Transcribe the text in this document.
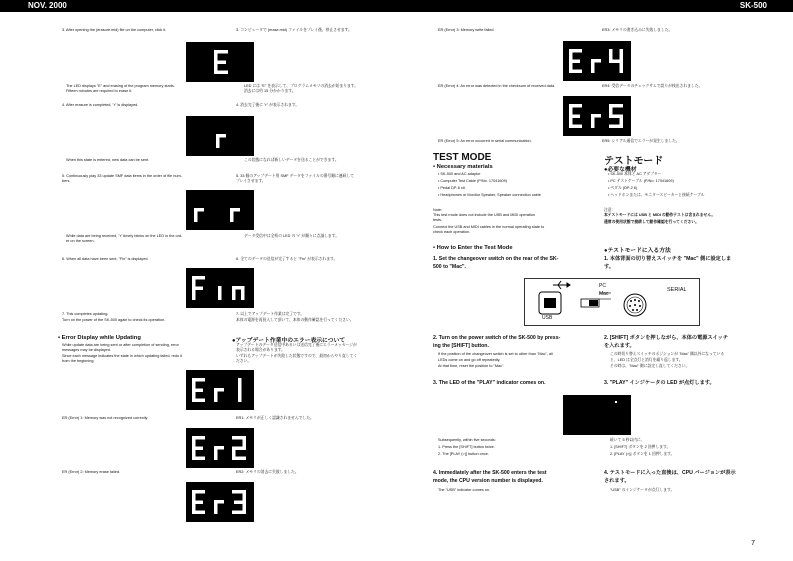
NOV. 2000	SK-500
3. After opening the (erasure.mid) file on the computer, click it.	3. コンピュータで (erase.mid) ファイルをプレイ後、停止させます。
The LED displays "E" and erasing of the program memory starts.
Fifteen minutes are required to erase it.
LED には "E" を表示して、プログラムメモリの消去が始まります。
消去には約 15 分かかります。
4. After erasure is completed, "r" is displayed.	4. 消去完了後に "r" が表示されます。
When this state is entered, new data can be sent.	この状態になれば新しいデータを送ることができます。
5. Continuously play 33 update SMF data items in the order of file num-
bers.
5. 33 個のアップデート用 SMF データをファイルの番号順に連続して
プレイさせます。
While data are being received, "r" timely blinks on the LED in the ord-
er on the screen.
データ受信中は全桁の LED の "r" が順々に点滅します。
6. When all data have been sent, "Fin" is displayed.	6. 全てのデータの送信が完了すると "Fin" が表示されます。
7. This completes updating.
Turn on the power of the SK-500 again to check its operation.
7. 以上でアップデート作業は完了です。
本体の電源を再投入して頂いて、本体の動作確認を行ってください。
• Error Display while Updating
While update data are being sent or after completion of sending, error
messages may be displayed.
Since each message indicates the state in which updating failed, redo it
from the beginning.
●アップデート作業中のエラー表示について
アップデートのデータ送信中あるいは送信完了後にエラーメッセージが
表示される場合があります。
いずれもアップデートが失敗した状態ですので、最初からやり直してく
ださい。
ER (Error) 1: Memory was not recognized correctly.	ER1: メモリが正しく認識されませんでした。
ER (Error) 2: Memory erase failed.	ER2: メモリの消去に失敗しました。
ER (Error) 3: Memory write failed.	ER3: メモリの書き込みに失敗しました。
ER (Error) 4: An error was detected in the checksum of received data.	ER4: 受信データのチェックサムで誤りが検出されました。
ER (Error) 5: An error occurred in serial communication.	ER5: シリアル通信でエラーが発生しました。
TEST MODE	テストモード
• Necessary materials	●必要な機材
• SK-500 and AC adaptor
• Computer Test Cable (P/No. 17041609)
• Pedal DP-6 ctl.
• Headphones or Monitor Speaker, Speaker connection cable
• SK-500 本体と AC アダプター
• PC テストケーブル (P/No. 17041609)
• ペダル (DP-2 6)
• ヘッドホンまたは、モニタースピーカーと接続ケーブル
Note:
This test mode does not include the USB and MIDI operation
tests.
Connect the USB and MIDI cables in the normal operating state to
check each operation.
注意：
本テストモードには USB と MIDI の動作テストは含まれません。
通常の使用状態で接続して動作確認を行ってください。
• How to Enter the Test Mode	●テストモードに入る方法
1. Set the changeover switch on the rear of the SK-
500 to "Mac".
1. 本体背面の切り替えスイッチを "Mac" 側に設定しま
す。
PC
Mac
USB
SERIAL
2. Turn on the power switch of the SK-500 by press-
ing the [SHIFT] button.
If the position of the changeover switch is set to other than "Mac", all
LEDs come on and go off repeatedly.
At that time, reset the position to "Mac".
2. [SHIFT] ボタンを押しながら、本体の電源スイッチ
を入れます。
この時切り替えスイッチのポジションが "Mac" 側以外になっている
と、LED は全点灯と消灯を繰り返します。
その時は、"Mac" 側に設定し直してください。
3. The LED of the "PLAY" indicator comes on.	3. "PLAY" インジケータの LED が点灯します。
Subsequently, within five seconds:
1. Press the [SHIFT] button twice.
2. The [PLAY (>)] button once.
続いて 5 秒以内に、
1. [SHIFT] ボタンを 2 回押します。
2. [PLAY (>)] ボタンを 1 回押します。
4. Immediately after the SK-500 enters the test
mode, the CPU version number is displayed.
The "USB" indicator comes on.
4. テストモードに入った直後は、CPU バージョンが表示
されます。
"USB" のインジケータが点灯します。
7
